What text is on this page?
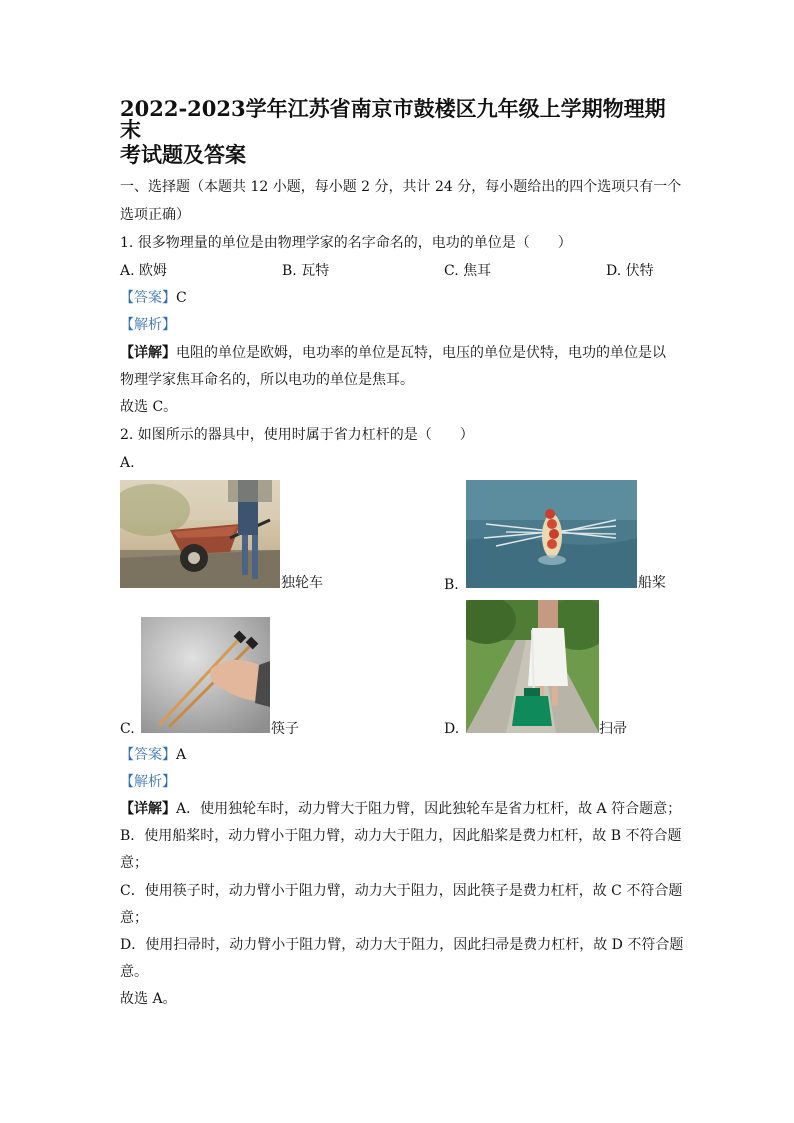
2022-2023学年江苏省南京市鼓楼区九年级上学期物理期末
考试题及答案
一、选择题（本题共 12 小题，每小题 2 分，共计 24 分，每小题给出的四个选项只有一个
选项正确）
1. 很多物理量的单位是由物理学家的名字命名的，电功的单位是（　　）
A. 欧姆	B. 瓦特	C. 焦耳	D. 伏特
【答案】C
【解析】
【详解】电阻的单位是欧姆，电功率的单位是瓦特，电压的单位是伏特，电功的单位是以
物理学家焦耳命名的，所以电功的单位是焦耳。
故选 C。
2. 如图所示的器具中，使用时属于省力杠杆的是（　　）
A.
独轮车	B.	船桨
C.	筷子	D.	扫帚
【答案】A
【解析】
【详解】A．使用独轮车时，动力臂大于阻力臂，因此独轮车是省力杠杆，故 A 符合题意；
B．使用船桨时，动力臂小于阻力臂，动力大于阻力，因此船桨是费力杠杆，故 B 不符合题
意；
C．使用筷子时，动力臂小于阻力臂，动力大于阻力，因此筷子是费力杠杆，故 C 不符合题
意；
D．使用扫帚时，动力臂小于阻力臂，动力大于阻力，因此扫帚是费力杠杆，故 D 不符合题
意。
故选 A。
